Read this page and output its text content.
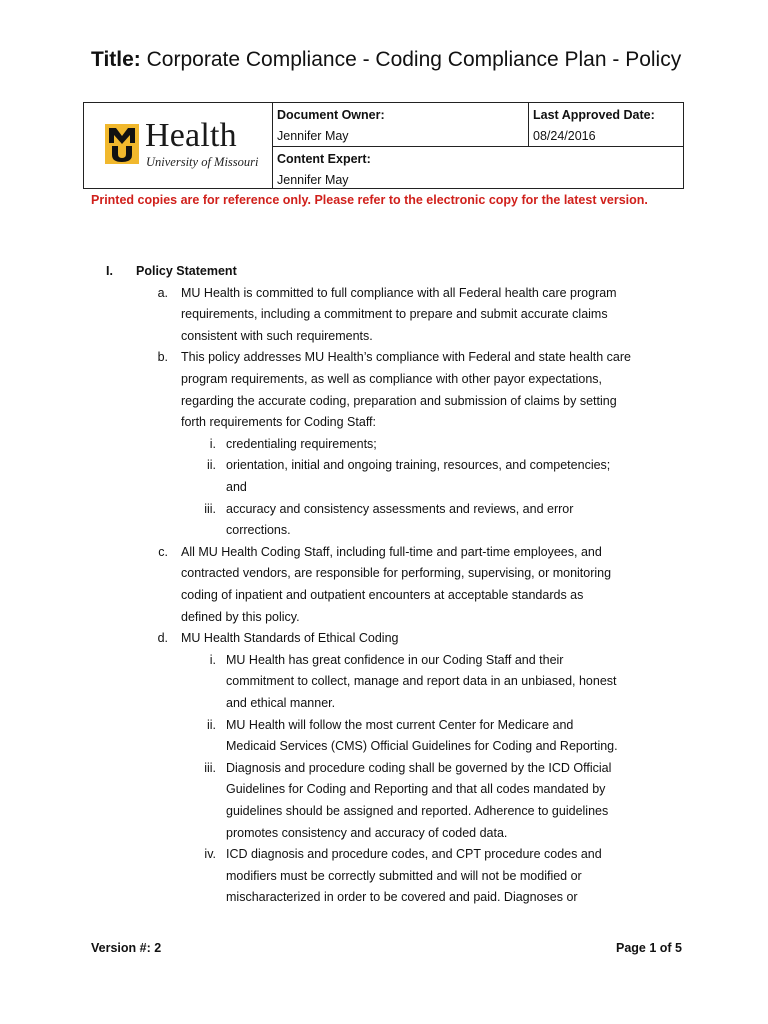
Title: Corporate Compliance - Coding Compliance Plan - Policy
Health
University of Missouri
Document Owner:
Jennifer May
Last Approved Date:
08/24/2016
Content Expert:
Jennifer May
Printed copies are for reference only. Please refer to the electronic copy for the latest version.
I. Policy Statement
a. MU Health is committed to full compliance with all Federal health care program
requirements, including a commitment to prepare and submit accurate claims
consistent with such requirements.
b. This policy addresses MU Health’s compliance with Federal and state health care
program requirements, as well as compliance with other payor expectations,
regarding the accurate coding, preparation and submission of claims by setting
forth requirements for Coding Staff:
i. credentialing requirements;
ii. orientation, initial and ongoing training, resources, and competencies;
and
iii. accuracy and consistency assessments and reviews, and error
corrections.
c. All MU Health Coding Staff, including full-time and part-time employees, and
contracted vendors, are responsible for performing, supervising, or monitoring
coding of inpatient and outpatient encounters at acceptable standards as
defined by this policy.
d. MU Health Standards of Ethical Coding
i. MU Health has great confidence in our Coding Staff and their
commitment to collect, manage and report data in an unbiased, honest
and ethical manner.
ii. MU Health will follow the most current Center for Medicare and
Medicaid Services (CMS) Official Guidelines for Coding and Reporting.
iii. Diagnosis and procedure coding shall be governed by the ICD Official
Guidelines for Coding and Reporting and that all codes mandated by
guidelines should be assigned and reported. Adherence to guidelines
promotes consistency and accuracy of coded data.
iv. ICD diagnosis and procedure codes, and CPT procedure codes and
modifiers must be correctly submitted and will not be modified or
mischaracterized in order to be covered and paid. Diagnoses or
Version #: 2	Page 1 of 5
